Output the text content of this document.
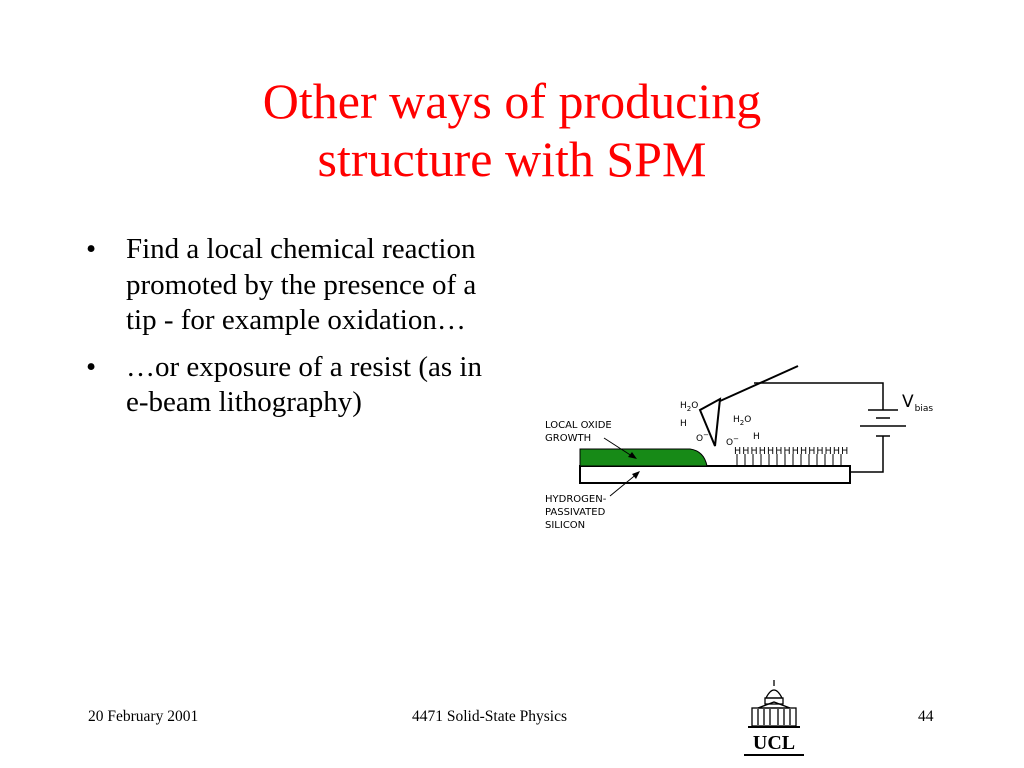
Other ways of producing
structure with SPM
• Find a local chemical reaction promoted by the presence of a tip - for example oxidation…
• …or exposure of a resist (as in e-beam lithography)
HHHHHHHHHHHHHH
$V_{bias}$
$H_2O$
H
O−
$H_2O$
H
O−
LOCAL OXIDE
GROWTH
HYDROGEN-
PASSIVATED
SILICON
20 February 2001	4471 Solid-State Physics	44
UCL
